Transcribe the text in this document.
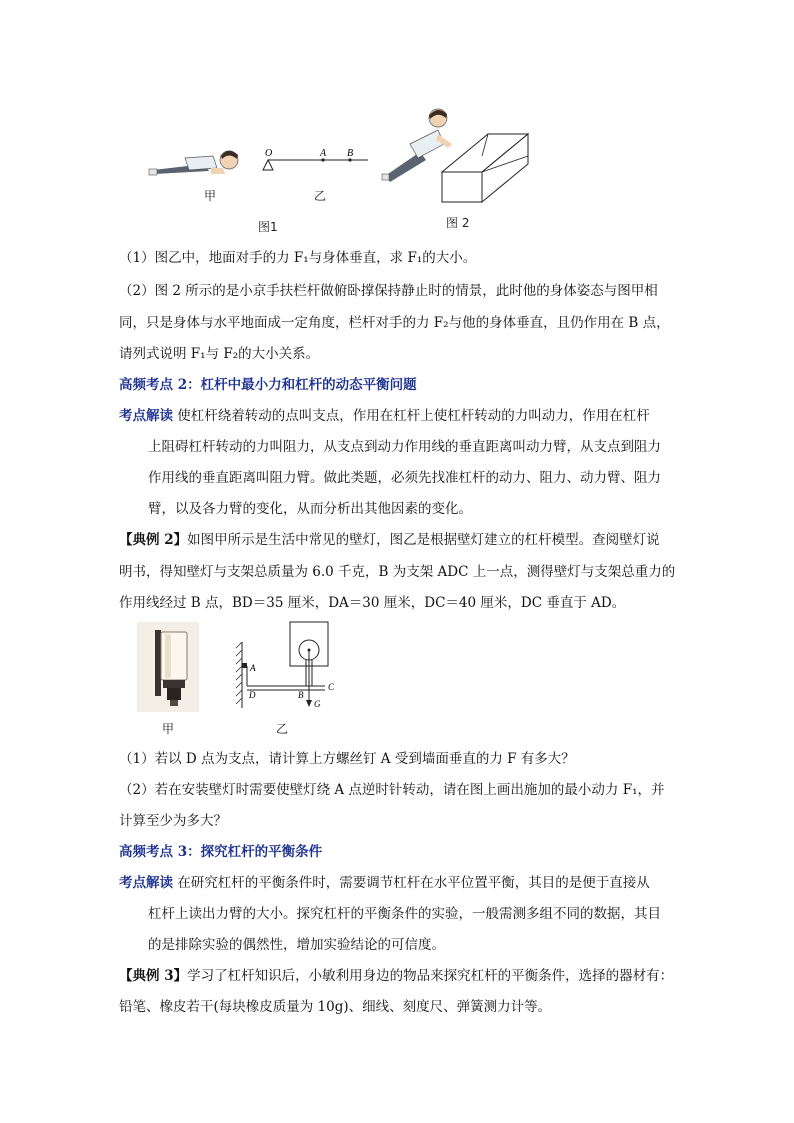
甲
O	A B
乙
图1	图 2
（1）图乙中，地面对手的力 F₁与身体垂直，求 F₁的大小。
（2）图 2 所示的是小京手扶栏杆做俯卧撑保持静止时的情景，此时他的身体姿态与图甲相
同，只是身体与水平地面成一定角度，栏杆对手的力 F₂与他的身体垂直，且仍作用在 B 点，
请列式说明 F₁与 F₂的大小关系。
高频考点 2：杠杆中最小力和杠杆的动态平衡问题
考点解读 使杠杆绕着转动的点叫支点，作用在杠杆上使杠杆转动的力叫动力，作用在杠杆
上阻碍杠杆转动的力叫阻力，从支点到动力作用线的垂直距离叫动力臂，从支点到阻力
作用线的垂直距离叫阻力臂。做此类题，必须先找准杠杆的动力、阻力、动力臂、阻力
臂，以及各力臂的变化，从而分析出其他因素的变化。
【典例 2】如图甲所示是生活中常见的壁灯，图乙是根据壁灯建立的杠杆模型。查阅壁灯说
明书，得知壁灯与支架总质量为 6.0 千克，B 为支架 ADC 上一点，测得壁灯与支架总重力的
作用线经过 B 点，BD＝35 厘米，DA＝30 厘米，DC＝40 厘米，DC 垂直于 AD。
甲
A
D	B
C
G
乙
（1）若以 D 点为支点，请计算上方螺丝钉 A 受到墙面垂直的力 F 有多大？
（2）若在安装壁灯时需要使壁灯绕 A 点逆时针转动，请在图上画出施加的最小动力 F₁，并
计算至少为多大？
高频考点 3：探究杠杆的平衡条件
考点解读 在研究杠杆的平衡条件时，需要调节杠杆在水平位置平衡，其目的是便于直接从
杠杆上读出力臂的大小。探究杠杆的平衡条件的实验，一般需测多组不同的数据，其目
的是排除实验的偶然性，增加实验结论的可信度。
【典例 3】学习了杠杆知识后，小敏利用身边的物品来探究杠杆的平衡条件，选择的器材有：
铅笔、橡皮若干(每块橡皮质量为 10g)、细线、刻度尺、弹簧测力计等。
